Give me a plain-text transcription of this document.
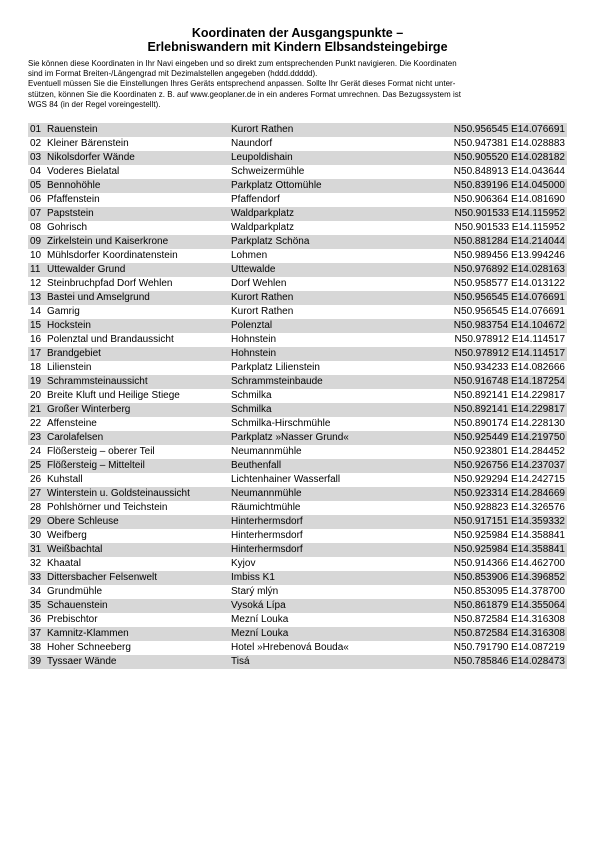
Koordinaten der Ausgangspunkte –
Erlebniswandern mit Kindern Elbsandsteingebirge

Sie können diese Koordinaten in Ihr Navi eingeben und so direkt zum entsprechenden Punkt navigieren. Die Koordinaten

sind im Format Breiten-/Längengrad mit Dezimalstellen angegeben (hddd.ddddd).

Eventuell müssen Sie die Einstellungen Ihres Geräts entsprechend anpassen. Sollte Ihr Gerät dieses Format nicht unter-

stützen, können Sie die Koordinaten z. B. auf www.geoplaner.de in ein anderes Format umrechnen. Das Bezugssystem ist

WGS 84 (in der Regel voreingestellt).

01 Rauenstein	Kurort Rathen	N50.956545 E14.076691
02 Kleiner Bärenstein	Naundorf	N50.947381 E14.028883
03 Nikolsdorfer Wände	Leupoldishain	N50.905520 E14.028182
04 Voderes Bielatal	Schweizermühle	N50.848913 E14.043644
05 Bennohöhle	Parkplatz Ottomühle	N50.839196 E14.045000
06 Pfaffenstein	Pfaffendorf	N50.906364 E14.081690
07 Papststein	Waldparkplatz	N50.901533 E14.115952
08 Gohrisch	Waldparkplatz	N50.901533 E14.115952
09 Zirkelstein und Kaiserkrone	Parkplatz Schöna	N50.881284 E14.214044
10 Mühlsdorfer Koordinatenstein	Lohmen	N50.989456 E13.994246
11 Uttewalder Grund	Uttewalde	N50.976892 E14.028163
12 Steinbruchpfad Dorf Wehlen	Dorf Wehlen	N50.958577 E14.013122
13 Bastei und Amselgrund	Kurort Rathen	N50.956545 E14.076691
14 Gamrig	Kurort Rathen	N50.956545 E14.076691
15 Hockstein	Polenztal	N50.983754 E14.104672
16 Polenztal und Brandaussicht	Hohnstein	N50.978912 E14.114517
17 Brandgebiet	Hohnstein	N50.978912 E14.114517
18 Lilienstein	Parkplatz Lilienstein	N50.934233 E14.082666
19 Schrammsteinaussicht	Schrammsteinbaude	N50.916748 E14.187254
20 Breite Kluft und Heilige Stiege	Schmilka	N50.892141 E14.229817
21 Großer Winterberg	Schmilka	N50.892141 E14.229817
22 Affensteine	Schmilka-Hirschmühle	N50.890174 E14.228130
23 Carolafelsen	Parkplatz »Nasser Grund«	N50.925449 E14.219750
24 Flößersteig – oberer Teil	Neumannmühle	N50.923801 E14.284452
25 Flößersteig – Mittelteil	Beuthenfall	N50.926756 E14.237037
26 Kuhstall	Lichtenhainer Wasserfall	N50.929294 E14.242715
27 Winterstein u. Goldsteinaussicht	Neumannmühle	N50.923314 E14.284669
28 Pohlshörner und Teichstein	Räumichtmühle	N50.928823 E14.326576
29 Obere Schleuse	Hinterhermsdorf	N50.917151 E14.359332
30 Weifberg	Hinterhermsdorf	N50.925984 E14.358841
31 Weißbachtal	Hinterhermsdorf	N50.925984 E14.358841
32 Khaatal	Kyjov	N50.914366 E14.462700
33 Dittersbacher Felsenwelt	Imbiss K1	N50.853906 E14.396852
34 Grundmühle	Starý mlýn	N50.853095 E14.378700
35 Schauenstein	Vysoká Lípa	N50.861879 E14.355064
36 Prebischtor	Mezní Louka	N50.872584 E14.316308
37 Kamnitz-Klammen	Mezní Louka	N50.872584 E14.316308
38 Hoher Schneeberg	Hotel »Hrebenová Bouda«	N50.791790 E14.087219
39 Tyssaer Wände	Tisá	N50.785846 E14.028473
